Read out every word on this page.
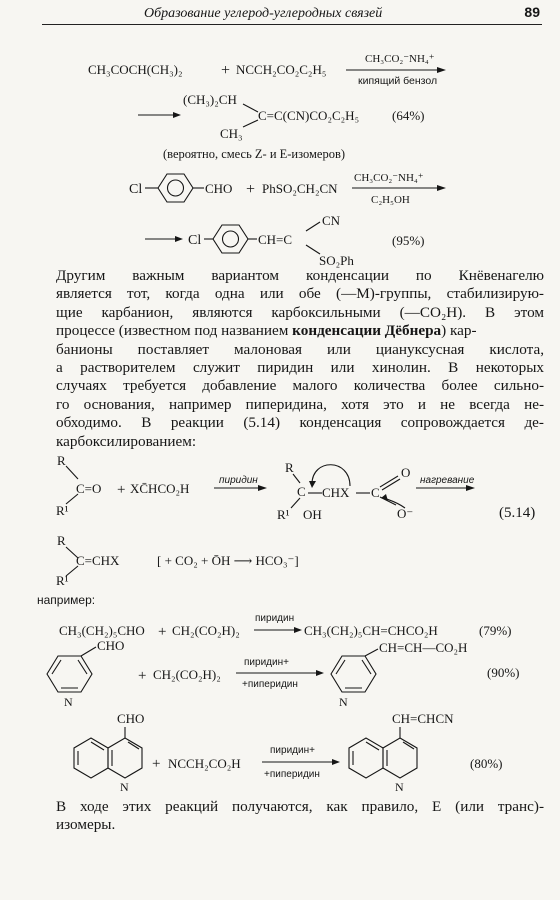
Образование углерод-углеродных связей	89
CH₃COCH(CH₃)₂ + NCCH₂CO₂C₂H₅
CH₃CO₂⁻NH₄⁺
кипящий бензол
(CH₃)₂CH
C=C(CN)CO₂C₂H₅
CH₃
(64%)
(вероятно, смесь Z- и E-изомеров)
Cl	CHO + PhSO₂CH₂CN
CH₃CO₂⁻NH₄⁺
C₂H₅OH
Cl	CH=C
CN
SO₂Ph
(95%)
Другим важным вариантом конденсации по Кнёвенагелю
является тот, когда одна или обе (—M)-группы, стабилизирую-
щие карбанион, являются карбоксильными (—CO₂H). В этом
процессе (известном под названием конденсации Дёбнера) кар-
банионы поставляет малоновая или циануксусная кислота,
а растворителем служит пиридин или хинолин. В некоторых
случаях требуется добавление малого количества более сильно-
го основания, например пиперидина, хотя это и не всегда не-
обходимо. В реакции (5.14) конденсация сопровождается де-
карбоксилированием:
R
C=O
R¹
+ XC̄HCO₂H
пиридин
R
C
R¹ OH
CHX C
O
O⁻
нагревание
R
C=CHX
R¹
[ + CO₂ + ŌH ⟶ HCO₃⁻]
(5.14)
например:
CH₃(CH₂)₅CHO + CH₂(CO₂H)₂
пиридин
CH₃(CH₂)₅CH=CHCO₂H	(79%)
N
CHO
+ CH₂(CO₂H)₂
пиридин+
+пиперидин
N
CH=CH—CO₂H
(90%)
CHO
N
+ NCCH₂CO₂H
пиридин+
+пиперидин
N
CH=CHCN
(80%)
В ходе этих реакций получаются, как правило, E (или транс)-
изомеры.
